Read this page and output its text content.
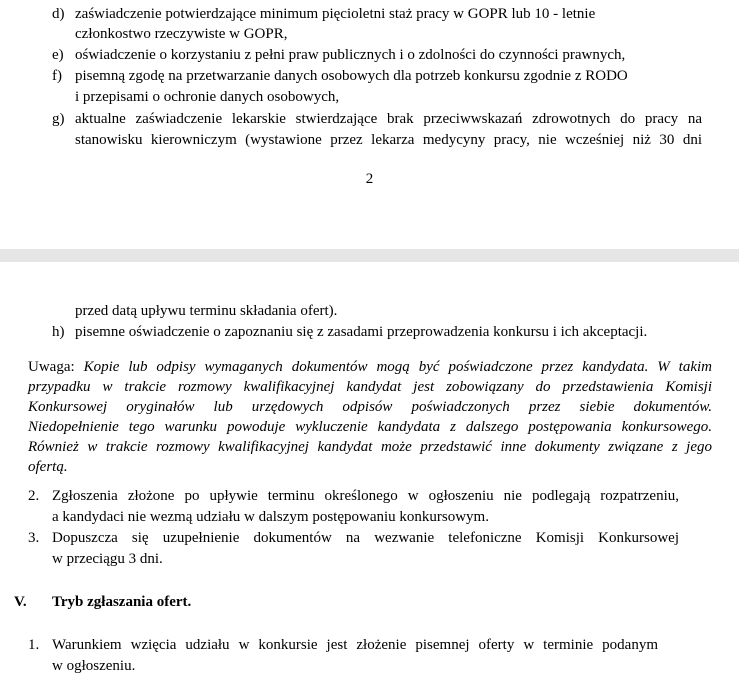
d) zaświadczenie potwierdzające minimum pięcioletni staż pracy w GOPR lub 10 - letnie
członkostwo rzeczywiste w GOPR,
e) oświadczenie o korzystaniu z pełni praw publicznych i o zdolności do czynności prawnych,
f) pisemną zgodę na przetwarzanie danych osobowych dla potrzeb konkursu zgodnie z RODO
i przepisami o ochronie danych osobowych,
g) aktualne zaświadczenie lekarskie stwierdzające brak przeciwwskazań zdrowotnych do pracy na
stanowisku kierowniczym (wystawione przez lekarza medycyny pracy, nie wcześniej niż 30 dni
2
przed datą upływu terminu składania ofert).
h) pisemne oświadczenie o zapoznaniu się z zasadami przeprowadzenia konkursu i ich akceptacji.
Uwaga: Kopie lub odpisy wymaganych dokumentów mogą być poświadczone przez kandydata. W takim
przypadku w trakcie rozmowy kwalifikacyjnej kandydat jest zobowiązany do przedstawienia Komisji
Konkursowej oryginałów lub urzędowych odpisów poświadczonych przez siebie dokumentów.
Niedopełnienie tego warunku powoduje wykluczenie kandydata z dalszego postępowania konkursowego.
Również w trakcie rozmowy kwalifikacyjnej kandydat może przedstawić inne dokumenty związane z jego
ofertą.
2. Zgłoszenia złożone po upływie terminu określonego w ogłoszeniu nie podlegają rozpatrzeniu,
a kandydaci nie wezmą udziału w dalszym postępowaniu konkursowym.
3. Dopuszcza się uzupełnienie dokumentów na wezwanie telefoniczne Komisji Konkursowej
w przeciągu 3 dni.
V. Tryb zgłaszania ofert.
1. Warunkiem wzięcia udziału w konkursie jest złożenie pisemnej oferty w terminie podanym
w ogłoszeniu.
